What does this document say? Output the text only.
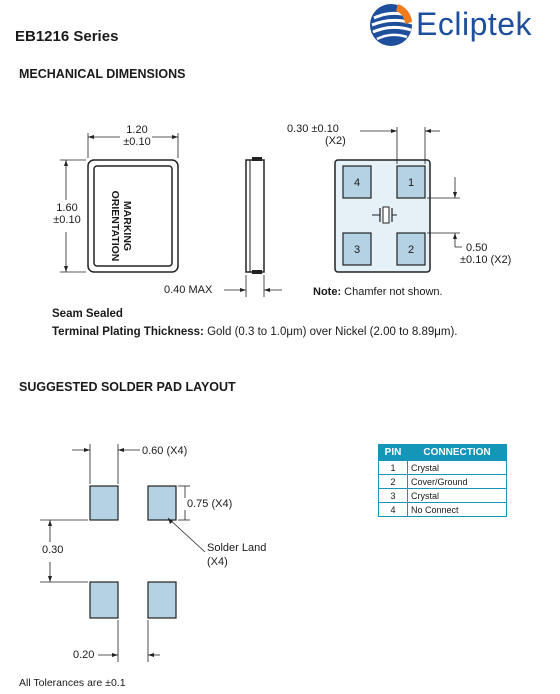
EB1216 Series	Ecliptek
MECHANICAL DIMENSIONS
1.20
±0.10
1.60
±0.10	MARKING
ORIENTATION
0.40 MAX
0.30 ±0.10
(X2)
4	1
3	2	0.50
±0.10 (X2)
Note: Chamfer not shown.
Seam Sealed
Terminal Plating Thickness: Gold (0.3 to 1.0μm) over Nickel (2.00 to 8.89μm).
SUGGESTED SOLDER PAD LAYOUT
0.60 (X4)
0.75 (X4)
0.30	Solder Land
(X4)
0.20
PIN	CONNECTION
1	Crystal
2	Cover/Ground
3	Crystal
4	No Connect
All Tolerances are ±0.1
